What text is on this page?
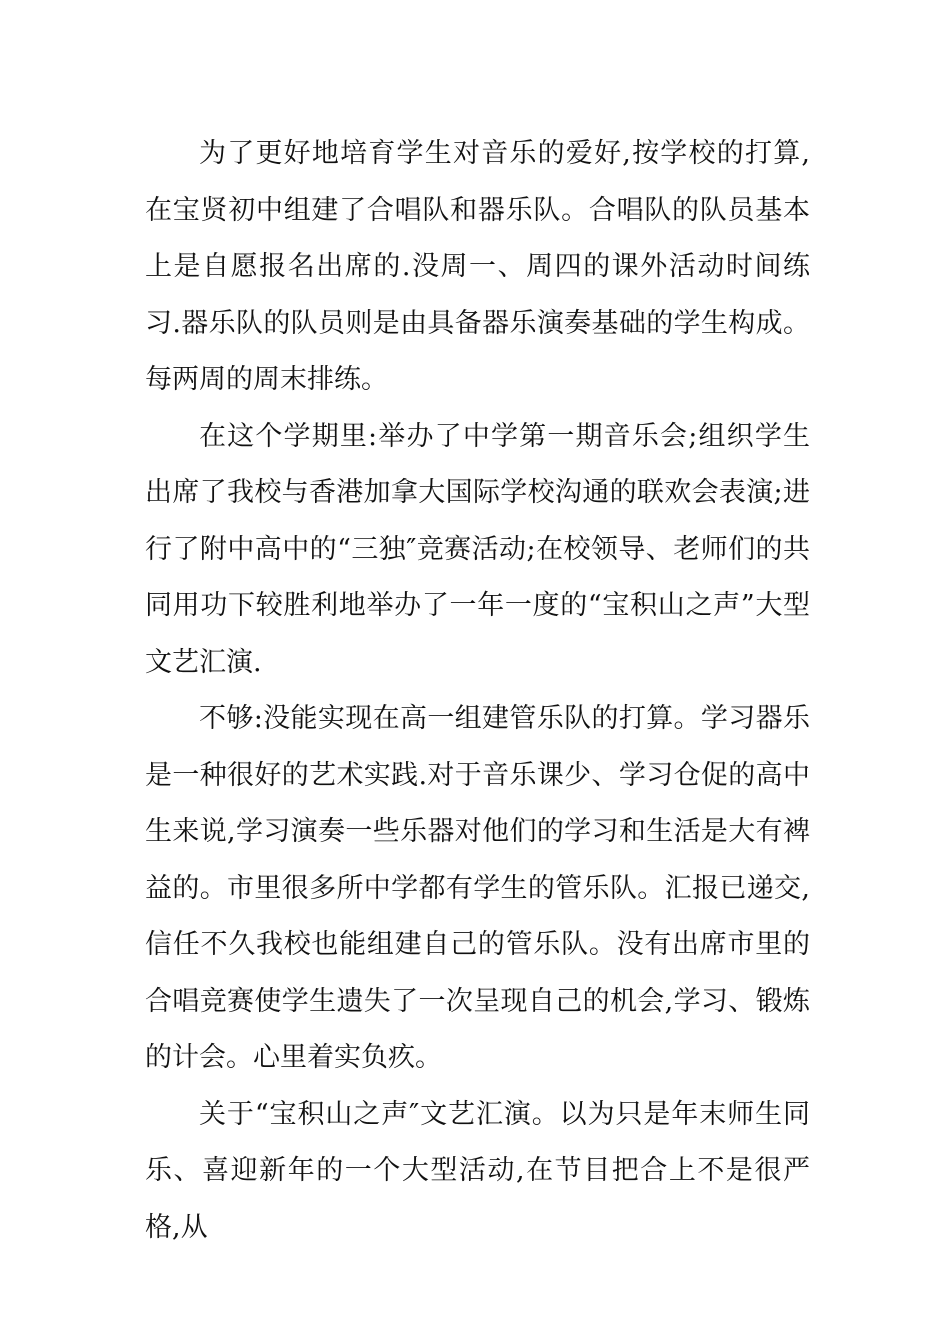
为了更好地培育学生对音乐的爱好,按学校的打算,在宝贤初中组建了合唱队和器乐队。合唱队的队员基本上是自愿报名出席的.没周一、周四的课外活动时间练习.器乐队的队员则是由具备器乐演奏基础的学生构成。每两周的周末排练。

在这个学期里:举办了中学第一期音乐会;组织学生出席了我校与香港加拿大国际学校沟通的联欢会表演;进行了附中高中的“三独″竞赛活动;在校领导、老师们的共同用功下较胜利地举办了一年一度的“宝积山之声”大型文艺汇演.

不够:没能实现在高一组建管乐队的打算。学习器乐是一种很好的艺术实践.对于音乐课少、学习仓促的高中生来说,学习演奏一些乐器对他们的学习和生活是大有裨益的。市里很多所中学都有学生的管乐队。汇报已递交,信任不久我校也能组建自己的管乐队。没有出席市里的合唱竞赛使学生遗失了一次呈现自己的机会,学习、锻炼的计会。心里着实负疚。

关于“宝积山之声″文艺汇演。以为只是年末师生同乐、喜迎新年的一个大型活动,在节目把合上不是很严格,从
